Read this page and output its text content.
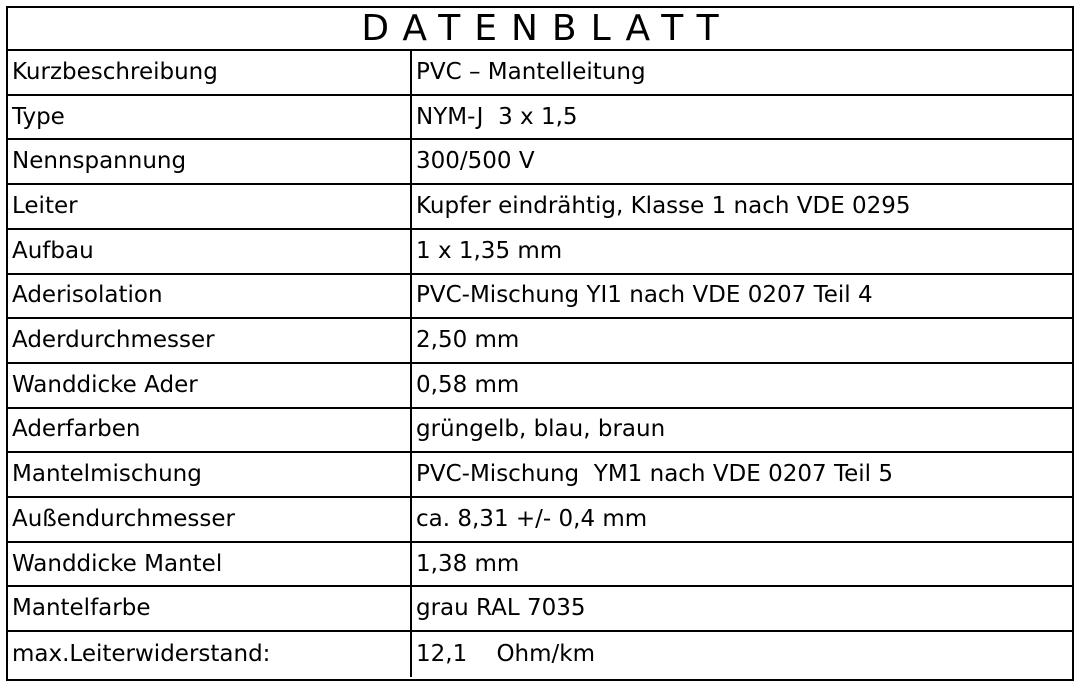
DATENBLATT
Kurzbeschreibung	PVC – Mantelleitung
Type	NYM-J  3 x 1,5
Nennspannung	300/500 V
Leiter	Kupfer eindrähtig, Klasse 1 nach VDE 0295
Aufbau	1 x 1,35 mm
Aderisolation	PVC-Mischung YI1 nach VDE 0207 Teil 4
Aderdurchmesser	2,50 mm
Wanddicke Ader	0,58 mm
Aderfarben	grüngelb, blau, braun
Mantelmischung	PVC-Mischung  YM1 nach VDE 0207 Teil 5
Außendurchmesser	ca. 8,31 +/- 0,4 mm
Wanddicke Mantel	1,38 mm
Mantelfarbe	grau RAL 7035
max.Leiterwiderstand:	12,1    Ohm/km
